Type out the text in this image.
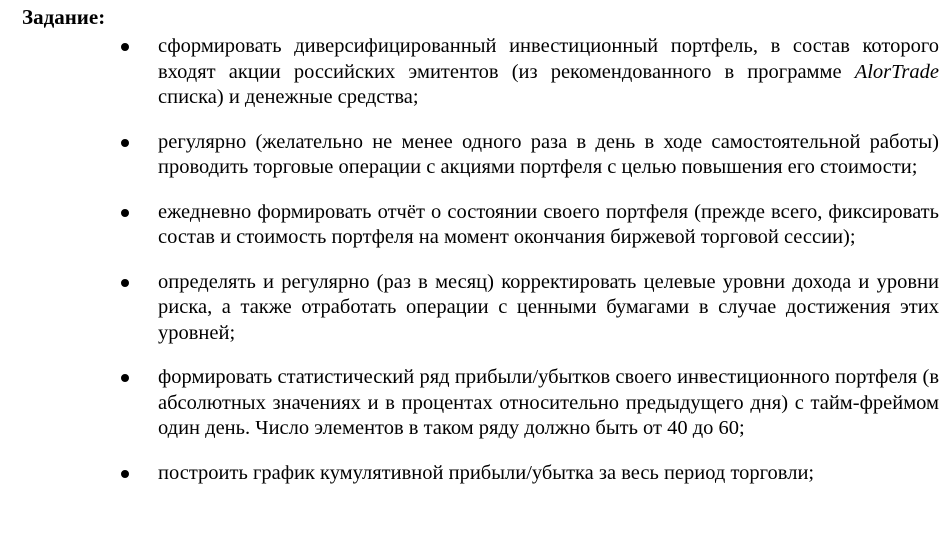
Задание:
сформировать диверсифицированный инвестиционный портфель, в состав которого входят акции российских эмитентов (из рекомендованного в программе AlorTrade списка) и денежные средства;
регулярно (желательно не менее одного раза в день в ходе самостоятельной работы) проводить торговые операции с акциями портфеля с целью повышения его стоимости;
ежедневно формировать отчёт о состоянии своего портфеля (прежде всего, фиксировать состав и стоимость портфеля на момент окончания биржевой торговой сессии);
определять и регулярно (раз в месяц) корректировать целевые уровни дохода и уровни риска, а также отработать операции с ценными бумагами в случае достижения этих уровней;
формировать статистический ряд прибыли/убытков своего инвестиционного портфеля (в абсолютных значениях и в процентах относительно предыдущего дня) с тайм-фреймом один день. Число элементов в таком ряду должно быть от 40 до 60;
построить график кумулятивной прибыли/убытка за весь период торговли;
